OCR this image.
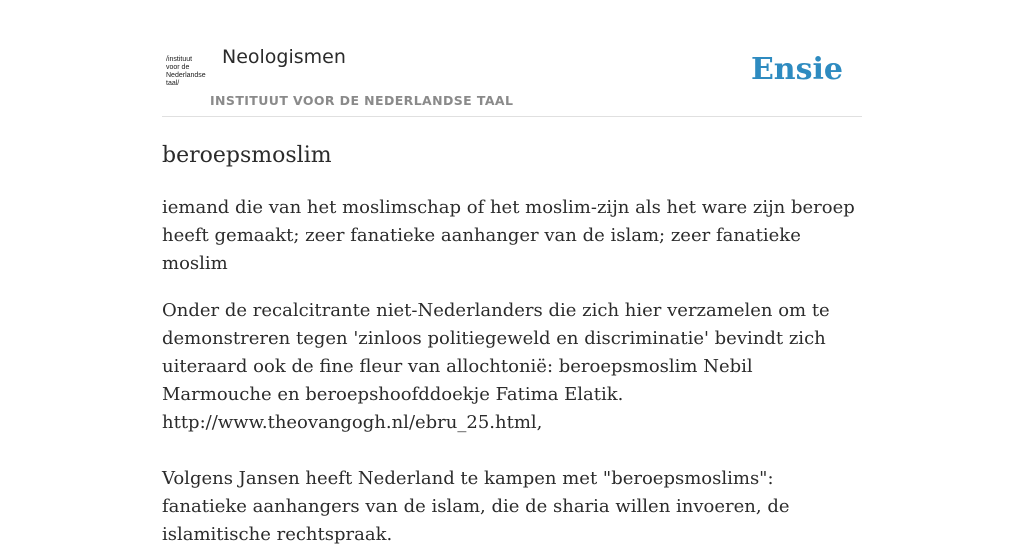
/instituut
voor de
Nederlandse
taal/
Neologismen
INSTITUUT VOOR DE NEDERLANDSE TAAL
Ensie
beroepsmoslim

iemand die van het moslimschap of het moslim-zijn als het ware zijn beroep heeft gemaakt; zeer fanatieke aanhanger van de islam; zeer fanatieke moslim

Onder de recalcitrante niet-Nederlanders die zich hier verzamelen om te demonstreren tegen 'zinloos politiegeweld en discriminatie' bevindt zich uiteraard ook de fine fleur van allochtonië: beroepsmoslim Nebil Marmouche en beroepshoofddoekje Fatima Elatik.
http://www.theovangogh.nl/ebru_25.html,
Volgens Jansen heeft Nederland te kampen met "beroepsmoslims": fanatieke aanhangers van de islam, die de sharia willen invoeren, de islamitische rechtspraak.
